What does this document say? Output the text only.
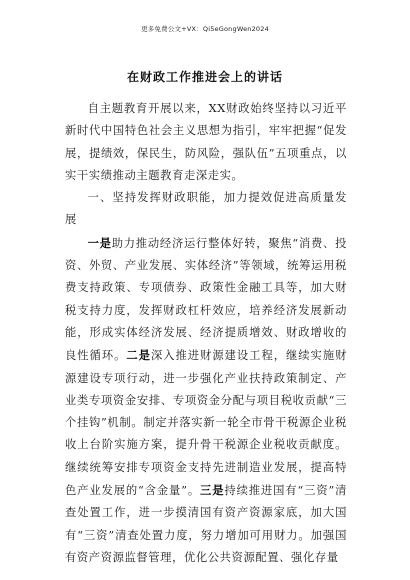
更多免费公文+VX：Qi5eGongWen2024
在财政工作推进会上的讲话

自主题教育开展以来，XX财政始终坚持以习近平新时代中国特色社会主义思想为指引，牢牢把握“促发展，提绩效，保民生，防风险，强队伍”五项重点，以实干实绩推动主题教育走深走实。

一、坚持发挥财政职能，加力提效促进高质量发展

一是助力推动经济运行整体好转，聚焦“消费、投资、外贸、产业发展、实体经济”等领域，统筹运用税费支持政策、专项债券、政策性金融工具等，加大财税支持力度，发挥财政杠杆效应，培养经济发展新动能，形成实体经济发展、经济提质增效、财政增收的良性循环。二是深入推进财源建设工程，继续实施财源建设专项行动，进一步强化产业扶持政策制定、产业类专项资金安排、专项资金分配与项目税收贡献“三个挂钩”机制。制定并落实新一轮全市骨干税源企业税收上台阶实施方案，提升骨干税源企业税收贡献度。继续统筹安排专项资金支持先进制造业发展，提高特色产业发展的“含金量”。三是持续推进国有“三资”清查处置工作，进一步摸清国有资产资源家底，加大国有“三资”清查处置力度，努力增加可用财力。加强国有资产资源监督管理，优化公共资源配置、强化存量
